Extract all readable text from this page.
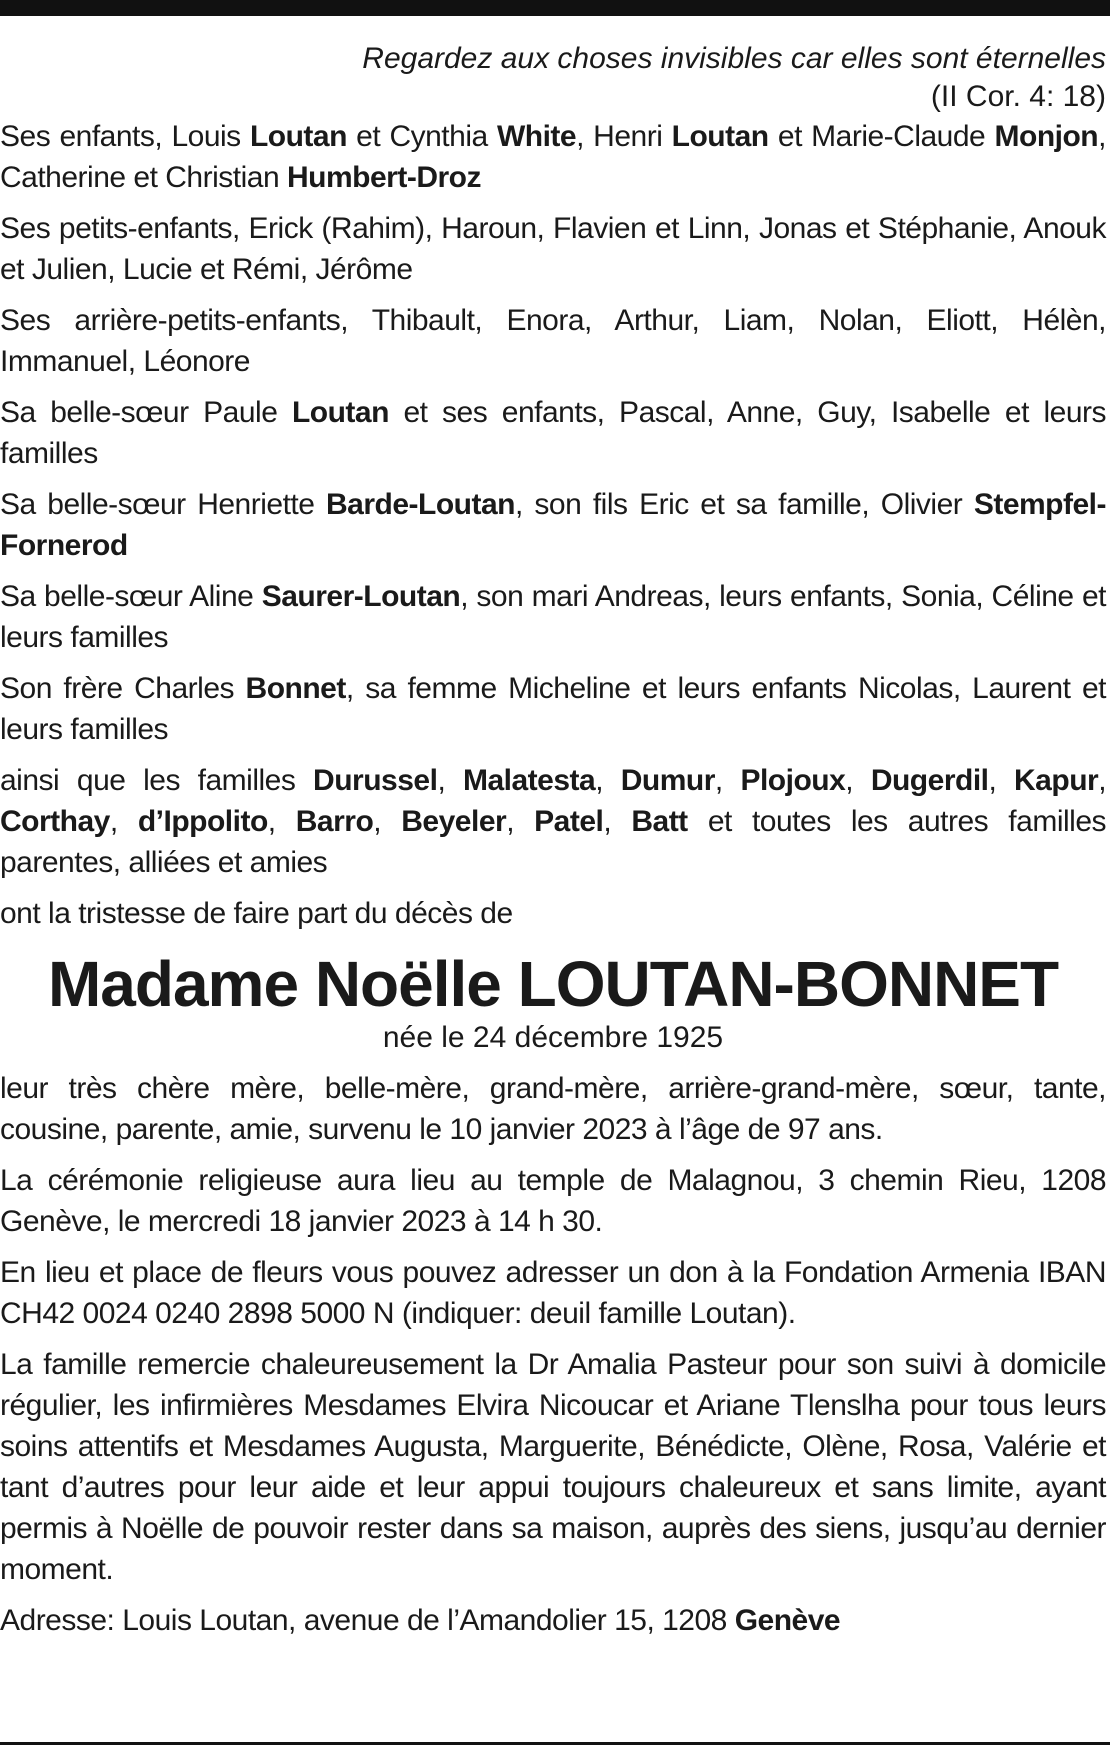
Regardez aux choses invisibles car elles sont éternelles
(II Cor. 4: 18)

Ses enfants, Louis Loutan et Cynthia White, Henri Loutan et Marie-Claude Monjon, Catherine et Christian Humbert-Droz

Ses petits-enfants, Erick (Rahim), Haroun, Flavien et Linn, Jonas et Stéphanie, Anouk et Julien, Lucie et Rémi, Jérôme

Ses arrière-petits-enfants, Thibault, Enora, Arthur, Liam, Nolan, Eliott, Hélèn, Immanuel, Léonore

Sa belle-sœur Paule Loutan et ses enfants, Pascal, Anne, Guy, Isabelle et leurs familles

Sa belle-sœur Henriette Barde-Loutan, son fils Eric et sa famille, Olivier Stempfel-Fornerod

Sa belle-sœur Aline Saurer-Loutan, son mari Andreas, leurs enfants, Sonia, Céline et leurs familles

Son frère Charles Bonnet, sa femme Micheline et leurs enfants Nicolas, Laurent et leurs familles

ainsi que les familles Durussel, Malatesta, Dumur, Plojoux, Dugerdil, Kapur, Corthay, d’Ippolito, Barro, Beyeler, Patel, Batt et toutes les autres familles parentes, alliées et amies

ont la tristesse de faire part du décès de

Madame Noëlle LOUTAN-BONNET
née le 24 décembre 1925

leur très chère mère, belle-mère, grand-mère, arrière-grand-mère, sœur, tante, cousine, parente, amie, survenu le 10 janvier 2023 à l’âge de 97 ans.

La cérémonie religieuse aura lieu au temple de Malagnou, 3 chemin Rieu, 1208 Genève, le mercredi 18 janvier 2023 à 14 h 30.

En lieu et place de fleurs vous pouvez adresser un don à la Fondation Armenia IBAN CH42 0024 0240 2898 5000 N (indiquer: deuil famille Loutan).

La famille remercie chaleureusement la Dr Amalia Pasteur pour son suivi à domicile régulier, les infirmières Mesdames Elvira Nicoucar et Ariane Tlenslha pour tous leurs soins attentifs et Mesdames Augusta, Marguerite, Bénédicte, Olène, Rosa, Valérie et tant d’autres pour leur aide et leur appui toujours chaleureux et sans limite, ayant permis à Noëlle de pouvoir rester dans sa maison, auprès des siens, jusqu’au dernier moment.

Adresse: Louis Loutan, avenue de l’Amandolier 15, 1208 Genève
